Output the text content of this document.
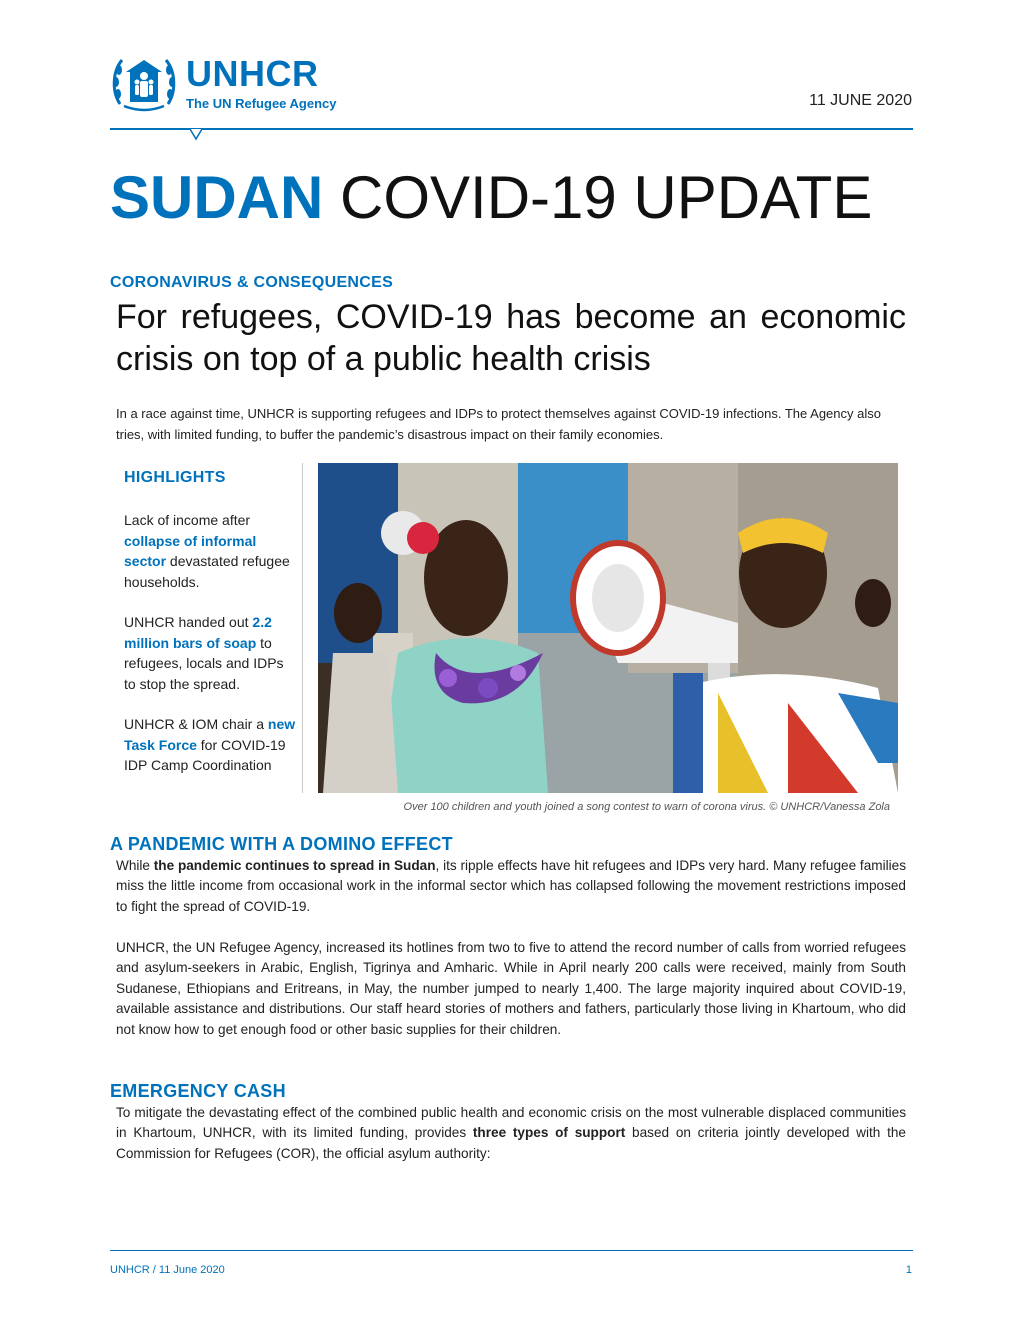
UNHCR
The UN Refugee Agency	11 JUNE 2020
SUDAN COVID-19 UPDATE
CORONAVIRUS & CONSEQUENCES
For refugees, COVID-19 has become an economic crisis on top of a public health crisis
In a race against time, UNHCR is supporting refugees and IDPs to protect themselves against COVID-19 infections. The Agency also tries, with limited funding, to buffer the pandemic’s disastrous impact on their family economies.
HIGHLIGHTS
Lack of income after collapse of informal sector devastated refugee households.
UNHCR handed out 2.2 million bars of soap to refugees, locals and IDPs to stop the spread.
UNHCR & IOM chair a new Task Force for COVID-19 IDP Camp Coordination
Over 100 children and youth joined a song contest to warn of corona virus. © UNHCR/Vanessa Zola
A PANDEMIC WITH A DOMINO EFFECT
While the pandemic continues to spread in Sudan, its ripple effects have hit refugees and IDPs very hard. Many refugee families miss the little income from occasional work in the informal sector which has collapsed following the movement restrictions imposed to fight the spread of COVID-19.
UNHCR, the UN Refugee Agency, increased its hotlines from two to five to attend the record number of calls from worried refugees and asylum-seekers in Arabic, English, Tigrinya and Amharic. While in April nearly 200 calls were received, mainly from South Sudanese, Ethiopians and Eritreans, in May, the number jumped to nearly 1,400. The large majority inquired about COVID-19, available assistance and distributions. Our staff heard stories of mothers and fathers, particularly those living in Khartoum, who did not know how to get enough food or other basic supplies for their children.
EMERGENCY CASH
To mitigate the devastating effect of the combined public health and economic crisis on the most vulnerable displaced communities in Khartoum, UNHCR, with its limited funding, provides three types of support based on criteria jointly developed with the Commission for Refugees (COR), the official asylum authority:
UNHCR / 11 June 2020	1
